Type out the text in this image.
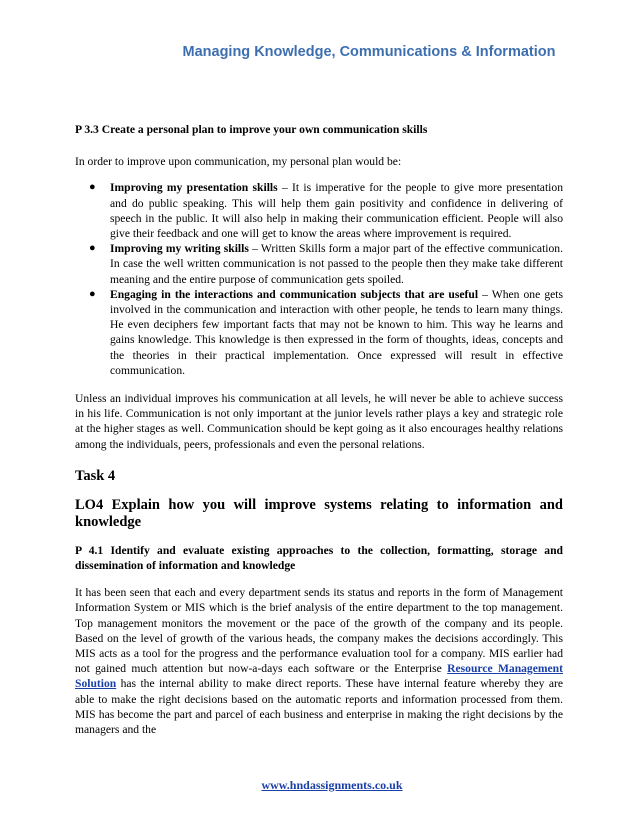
Managing Knowledge, Communications & Information

P 3.3 Create a personal plan to improve your own communication skills

In order to improve upon communication, my personal plan would be:

● Improving my presentation skills – It is imperative for the people to give more presentation and do public speaking. This will help them gain positivity and confidence in delivering of speech in the public. It will also help in making their communication efficient. People will also give their feedback and one will get to know the areas where improvement is required.
● Improving my writing skills – Written Skills form a major part of the effective communication. In case the well written communication is not passed to the people then they make take different meaning and the entire purpose of communication gets spoiled.
● Engaging in the interactions and communication subjects that are useful – When one gets involved in the communication and interaction with other people, he tends to learn many things. He even deciphers few important facts that may not be known to him. This way he learns and gains knowledge. This knowledge is then expressed in the form of thoughts, ideas, concepts and the theories in their practical implementation. Once expressed will result in effective communication.

Unless an individual improves his communication at all levels, he will never be able to achieve success in his life. Communication is not only important at the junior levels rather plays a key and strategic role at the higher stages as well. Communication should be kept going as it also encourages healthy relations among the individuals, peers, professionals and even the personal relations.

Task 4
LO4 Explain how you will improve systems relating to information and knowledge

P 4.1 Identify and evaluate existing approaches to the collection, formatting, storage and dissemination of information and knowledge

It has been seen that each and every department sends its status and reports in the form of Management Information System or MIS which is the brief analysis of the entire department to the top management. Top management monitors the movement or the pace of the growth of the company and its people. Based on the level of growth of the various heads, the company makes the decisions accordingly. This MIS acts as a tool for the progress and the performance evaluation tool for a company. MIS earlier had not gained much attention but now-a-days each software or the Enterprise Resource Management Solution has the internal ability to make direct reports. These have internal feature whereby they are able to make the right decisions based on the automatic reports and information processed from them. MIS has become the part and parcel of each business and enterprise in making the right decisions by the managers and the

www.hndassignments.co.uk
